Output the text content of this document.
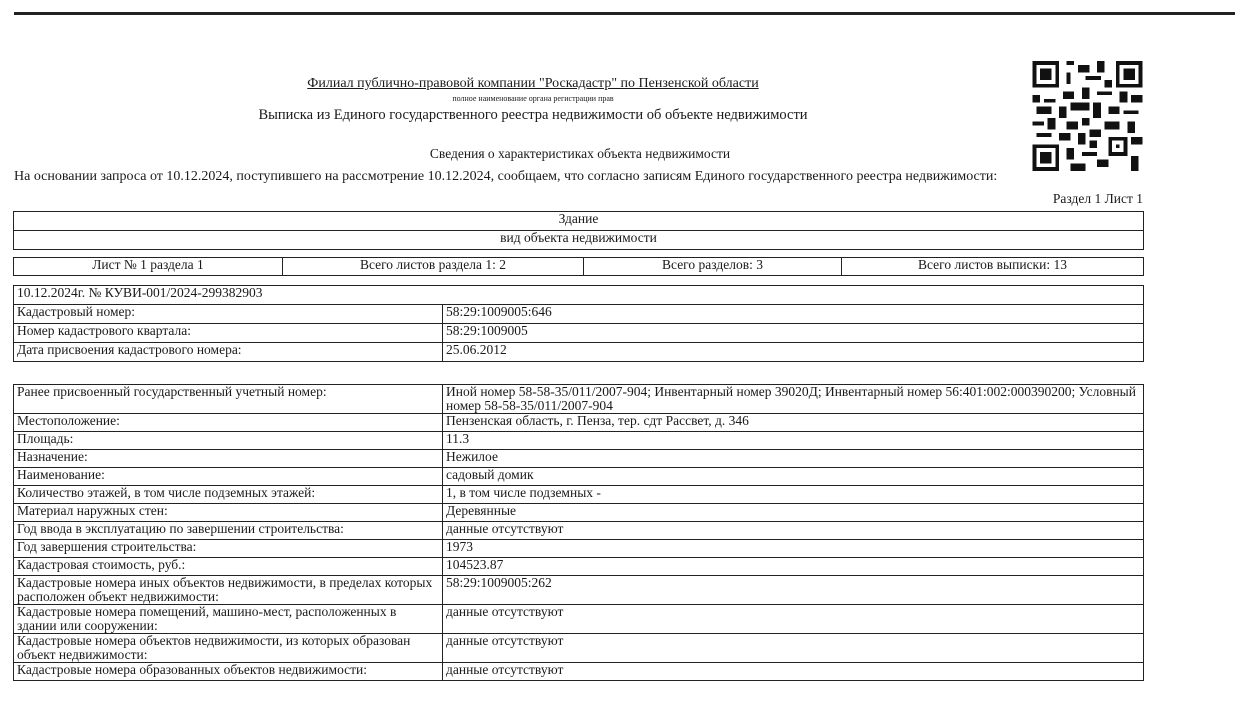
Филиал публично-правовой компании "Роскадастр" по Пензенской области
полное наименование органа регистрации прав
Выписка из Единого государственного реестра недвижимости об объекте недвижимости
Сведения о характеристиках объекта недвижимости
На основании запроса от 10.12.2024, поступившего на рассмотрение 10.12.2024, сообщаем, что согласно записям Единого государственного реестра недвижимости:
Раздел 1 Лист 1
Здание
вид объекта недвижимости
Лист № 1 раздела 1	Всего листов раздела 1: 2	Всего разделов: 3	Всего листов выписки: 13
10.12.2024г. № КУВИ-001/2024-299382903	
Кадастровый номер:	58:29:1009005:646
Номер кадастрового квартала:	58:29:1009005
Дата присвоения кадастрового номера:	25.06.2012
Ранее присвоенный государственный учетный номер:	Иной номер 58-58-35/011/2007-904; Инвентарный номер 39020Д; Инвентарный номер 56:401:002:000390200; Условный номер 58-58-35/011/2007-904
Местоположение:	Пензенская область, г. Пенза, тер. сдт Рассвет, д. 346
Площадь:	11.3
Назначение:	Нежилое
Наименование:	садовый домик
Количество этажей, в том числе подземных этажей:	1, в том числе подземных -
Материал наружных стен:	Деревянные
Год ввода в эксплуатацию по завершении строительства:	данные отсутствуют
Год завершения строительства:	1973
Кадастровая стоимость, руб.:	104523.87
Кадастровые номера иных объектов недвижимости, в пределах которых расположен объект недвижимости:	58:29:1009005:262
Кадастровые номера помещений, машино-мест, расположенных в здании или сооружении:	данные отсутствуют
Кадастровые номера объектов недвижимости, из которых образован объект недвижимости:	данные отсутствуют
Кадастровые номера образованных объектов недвижимости:	данные отсутствуют
